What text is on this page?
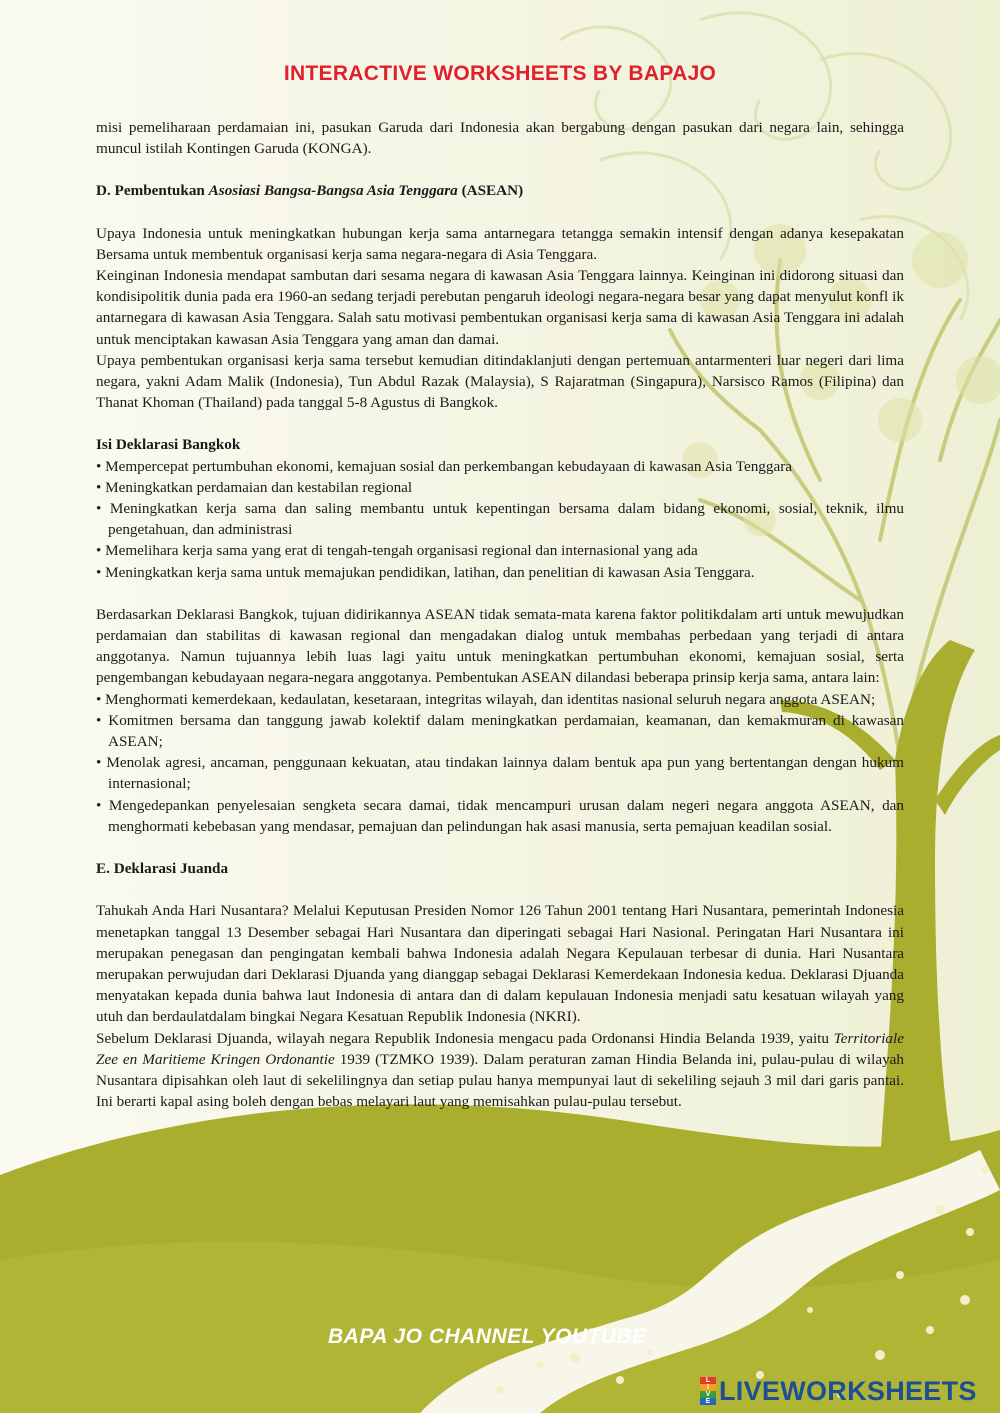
INTERACTIVE WORKSHEETS BY BAPAJO

misi pemeliharaan perdamaian ini, pasukan Garuda dari Indonesia akan bergabung dengan pasukan dari negara lain, sehingga muncul istilah Kontingen Garuda (KONGA).

D. Pembentukan Asosiasi Bangsa-Bangsa Asia Tenggara (ASEAN)

Upaya Indonesia untuk meningkatkan hubungan kerja sama antarnegara tetangga semakin intensif dengan adanya kesepakatan Bersama untuk membentuk organisasi kerja sama negara-negara di Asia Tenggara.

Keinginan Indonesia mendapat sambutan dari sesama negara di kawasan Asia Tenggara lainnya. Keinginan ini didorong situasi dan kondisipolitik dunia pada era 1960-an sedang terjadi perebutan pengaruh ideologi negara-negara besar yang dapat menyulut konfl ik antarnegara di kawasan Asia Tenggara. Salah satu motivasi pembentukan organisasi kerja sama di kawasan Asia Tenggara ini adalah untuk menciptakan kawasan Asia Tenggara yang aman dan damai.

Upaya pembentukan organisasi kerja sama tersebut kemudian ditindaklanjuti dengan pertemuan antarmenteri luar negeri dari lima negara, yakni Adam Malik (Indonesia), Tun Abdul Razak (Malaysia), S Rajaratman (Singapura), Narsisco Ramos (Filipina) dan Thanat Khoman (Thailand) pada tanggal 5-8 Agustus di Bangkok.

Isi Deklarasi Bangkok

• Mempercepat pertumbuhan ekonomi, kemajuan sosial dan perkembangan kebudayaan di kawasan Asia Tenggara

• Meningkatkan perdamaian dan kestabilan regional

• Meningkatkan kerja sama dan saling membantu untuk kepentingan bersama dalam bidang ekonomi, sosial, teknik, ilmu pengetahuan, dan administrasi

• Memelihara kerja sama yang erat di tengah-tengah organisasi regional dan internasional yang ada

• Meningkatkan kerja sama untuk memajukan pendidikan, latihan, dan penelitian di kawasan Asia Tenggara.

Berdasarkan Deklarasi Bangkok, tujuan didirikannya ASEAN tidak semata-mata karena faktor politikdalam arti untuk mewujudkan perdamaian dan stabilitas di kawasan regional dan mengadakan dialog untuk membahas perbedaan yang terjadi di antara anggotanya. Namun tujuannya lebih luas lagi yaitu untuk meningkatkan pertumbuhan ekonomi, kemajuan sosial, serta pengembangan kebudayaan negara-negara anggotanya. Pembentukan ASEAN dilandasi beberapa prinsip kerja sama, antara lain:

• Menghormati kemerdekaan, kedaulatan, kesetaraan, integritas wilayah, dan identitas nasional seluruh negara anggota ASEAN;

• Komitmen bersama dan tanggung jawab kolektif dalam meningkatkan perdamaian, keamanan, dan kemakmuran di kawasan ASEAN;

• Menolak agresi, ancaman, penggunaan kekuatan, atau tindakan lainnya dalam bentuk apa pun yang bertentangan dengan hukum internasional;

• Mengedepankan penyelesaian sengketa secara damai, tidak mencampuri urusan dalam negeri negara anggota ASEAN, dan menghormati kebebasan yang mendasar, pemajuan dan pelindungan hak asasi manusia, serta pemajuan keadilan sosial.

E. Deklarasi Juanda

Tahukah Anda Hari Nusantara? Melalui Keputusan Presiden Nomor 126 Tahun 2001 tentang Hari Nusantara, pemerintah Indonesia menetapkan tanggal 13 Desember sebagai Hari Nusantara dan diperingati sebagai Hari Nasional. Peringatan Hari Nusantara ini merupakan penegasan dan pengingatan kembali bahwa Indonesia adalah Negara Kepulauan terbesar di dunia. Hari Nusantara merupakan perwujudan dari Deklarasi Djuanda yang dianggap sebagai Deklarasi Kemerdekaan Indonesia kedua. Deklarasi Djuanda menyatakan kepada dunia bahwa laut Indonesia di antara dan di dalam kepulauan Indonesia menjadi satu kesatuan wilayah yang utuh dan berdaulatdalam bingkai Negara Kesatuan Republik Indonesia (NKRI).

Sebelum Deklarasi Djuanda, wilayah negara Republik Indonesia mengacu pada Ordonansi Hindia Belanda 1939, yaitu Territoriale Zee en Maritieme Kringen Ordonantie 1939 (TZMKO 1939). Dalam peraturan zaman Hindia Belanda ini, pulau-pulau di wilayah Nusantara dipisahkan oleh laut di sekelilingnya dan setiap pulau hanya mempunyai laut di sekeliling sejauh 3 mil dari garis pantai. Ini berarti kapal asing boleh dengan bebas melayari laut yang memisahkan pulau-pulau tersebut.

BAPA JO CHANNEL YOUTUBE
L
I
V
E LIVEWORKSHEETS
